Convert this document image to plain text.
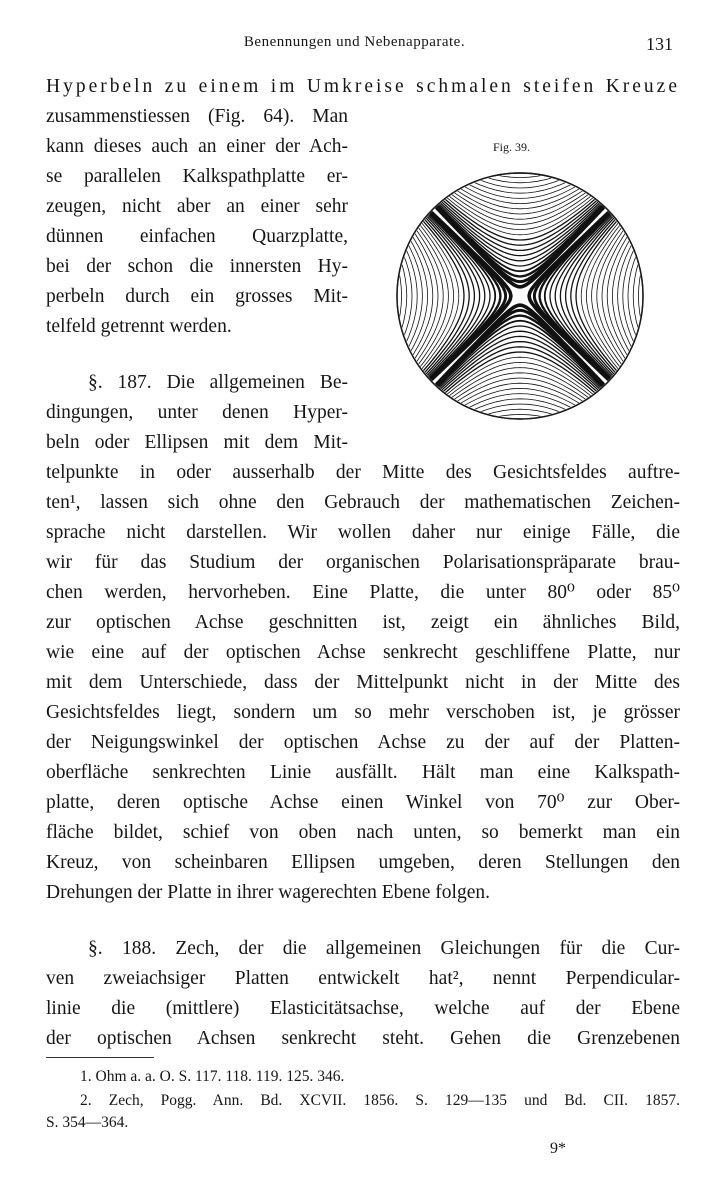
Benennungen und Nebenapparate.	131
Hyperbeln zu einem im Umkreise schmalen steifen Kreuze
zusammenstiessen (Fig. 64). Man
kann dieses auch an einer der Ach-
se parallelen Kalkspathplatte er-
zeugen, nicht aber an einer sehr
dünnen einfachen Quarzplatte,
bei der schon die innersten Hy-
perbeln durch ein grosses Mit-
telfeld getrennt werden.
§. 187. Die allgemeinen Be-
dingungen, unter denen Hyper-
beln oder Ellipsen mit dem Mit-
telpunkte in oder ausserhalb der Mitte des Gesichtsfeldes auftre-
ten¹, lassen sich ohne den Gebrauch der mathematischen Zeichen-
sprache nicht darstellen. Wir wollen daher nur einige Fälle, die
wir für das Studium der organischen Polarisationspräparate brau-
chen werden, hervorheben. Eine Platte, die unter 80⁰ oder 85⁰
zur optischen Achse geschnitten ist, zeigt ein ähnliches Bild,
wie eine auf der optischen Achse senkrecht geschliffene Platte, nur
mit dem Unterschiede, dass der Mittelpunkt nicht in der Mitte des
Gesichtsfeldes liegt, sondern um so mehr verschoben ist, je grösser
der Neigungswinkel der optischen Achse zu der auf der Platten-
oberfläche senkrechten Linie ausfällt. Hält man eine Kalkspath-
platte, deren optische Achse einen Winkel von 70⁰ zur Ober-
fläche bildet, schief von oben nach unten, so bemerkt man ein
Kreuz, von scheinbaren Ellipsen umgeben, deren Stellungen den
Drehungen der Platte in ihrer wagerechten Ebene folgen.
§. 188. Zech, der die allgemeinen Gleichungen für die Cur-
ven zweiachsiger Platten entwickelt hat², nennt Perpendicular-
linie die (mittlere) Elasticitätsachse, welche auf der Ebene
der optischen Achsen senkrecht steht. Gehen die Grenzebenen
Fig. 39.
1. Ohm a. a. O. S. 117. 118. 119. 125. 346.
2. Zech, Pogg. Ann. Bd. XCVII. 1856. S. 129—135 und Bd. CII. 1857.
S. 354—364.
9*
